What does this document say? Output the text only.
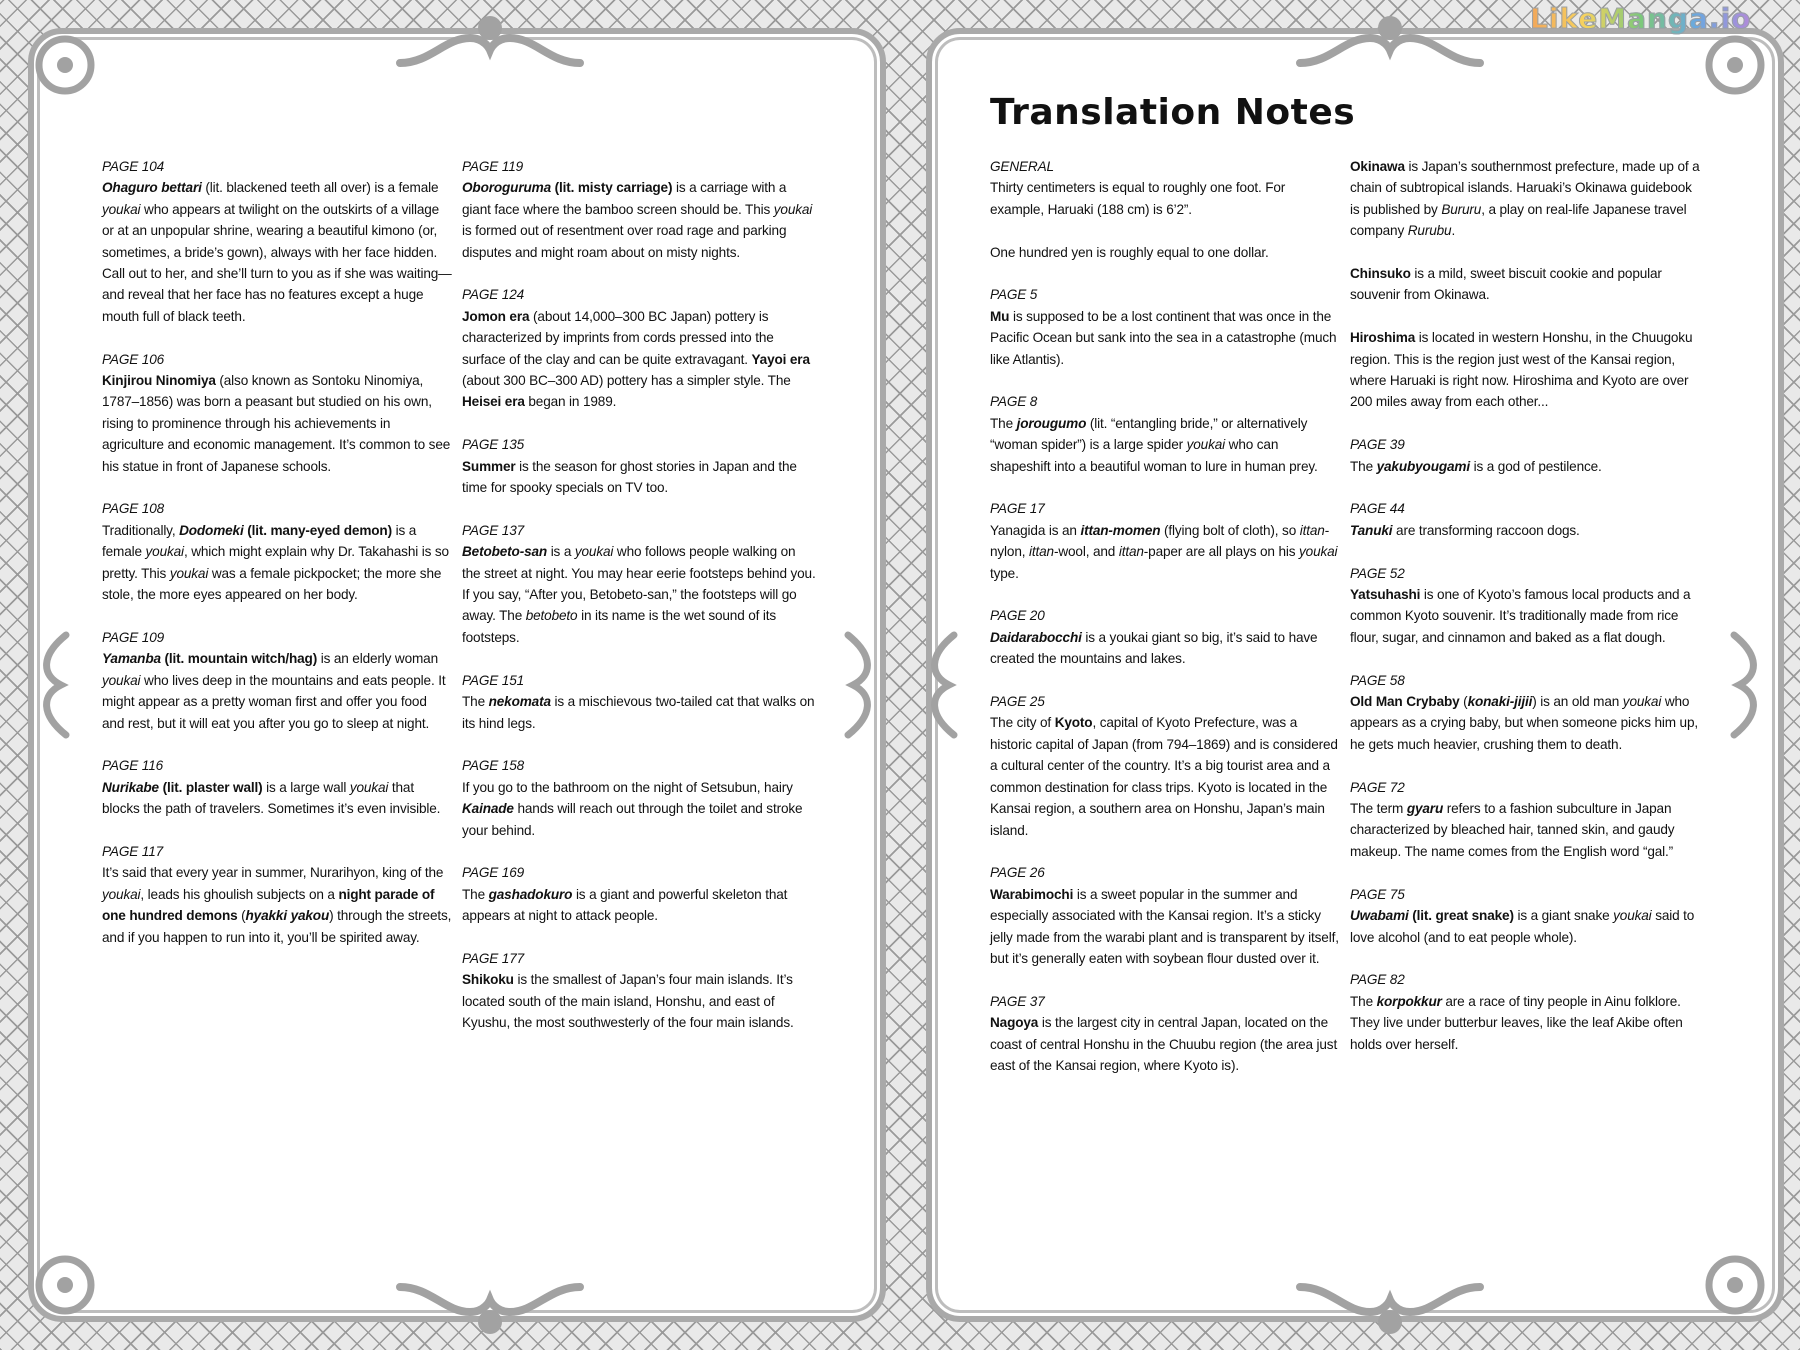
LikeManga.io
Translation Notes
PAGE 104
Ohaguro bettari (lit. blackened teeth all over) is a female youkai who appears at twilight on the outskirts of a village or at an unpopular shrine, wearing a beautiful kimono (or, sometimes, a bride’s gown), always with her face hidden. Call out to her, and she’ll turn to you as if she was waiting—and reveal that her face has no features except a huge mouth full of black teeth.
PAGE 106
Kinjirou Ninomiya (also known as Sontoku Ninomiya, 1787–1856) was born a peasant but studied on his own, rising to prominence through his achievements in agriculture and economic management. It’s common to see his statue in front of Japanese schools.
PAGE 108
Traditionally, Dodomeki (lit. many-eyed demon) is a female youkai, which might explain why Dr. Takahashi is so pretty. This youkai was a female pickpocket; the more she stole, the more eyes appeared on her body.
PAGE 109
Yamanba (lit. mountain witch/hag) is an elderly woman youkai who lives deep in the mountains and eats people. It might appear as a pretty woman first and offer you food and rest, but it will eat you after you go to sleep at night.
PAGE 116
Nurikabe (lit. plaster wall) is a large wall youkai that blocks the path of travelers. Sometimes it’s even invisible.
PAGE 117
It’s said that every year in summer, Nurarihyon, king of the youkai, leads his ghoulish subjects on a night parade of one hundred demons (hyakki yakou) through the streets, and if you happen to run into it, you’ll be spirited away.
PAGE 119
Oboroguruma (lit. misty carriage) is a carriage with a giant face where the bamboo screen should be. This youkai is formed out of resentment over road rage and parking disputes and might roam about on misty nights.
PAGE 124
Jomon era (about 14,000–300 BC Japan) pottery is characterized by imprints from cords pressed into the surface of the clay and can be quite extravagant. Yayoi era (about 300 BC–300 AD) pottery has a simpler style. The Heisei era began in 1989.
PAGE 135
Summer is the season for ghost stories in Japan and the time for spooky specials on TV too.
PAGE 137
Betobeto-san is a youkai who follows people walking on the street at night. You may hear eerie footsteps behind you. If you say, “After you, Betobeto-san,” the footsteps will go away. The betobeto in its name is the wet sound of its footsteps.
PAGE 151
The nekomata is a mischievous two-tailed cat that walks on its hind legs.
PAGE 158
If you go to the bathroom on the night of Setsubun, hairy Kainade hands will reach out through the toilet and stroke your behind.
PAGE 169
The gashadokuro is a giant and powerful skeleton that appears at night to attack people.
PAGE 177
Shikoku is the smallest of Japan’s four main islands. It’s located south of the main island, Honshu, and east of Kyushu, the most southwesterly of the four main islands.
GENERAL
Thirty centimeters is equal to roughly one foot. For example, Haruaki (188 cm) is 6’2”.

One hundred yen is roughly equal to one dollar.
PAGE 5
Mu is supposed to be a lost continent that was once in the Pacific Ocean but sank into the sea in a catastrophe (much like Atlantis).
PAGE 8
The jorougumo (lit. “entangling bride,” or alternatively “woman spider”) is a large spider youkai who can shapeshift into a beautiful woman to lure in human prey.
PAGE 17
Yanagida is an ittan-momen (flying bolt of cloth), so ittan-nylon, ittan-wool, and ittan-paper are all plays on his youkai type.
PAGE 20
Daidarabocchi is a youkai giant so big, it’s said to have created the mountains and lakes.
PAGE 25
The city of Kyoto, capital of Kyoto Prefecture, was a historic capital of Japan (from 794–1869) and is considered a cultural center of the country. It’s a big tourist area and a common destination for class trips. Kyoto is located in the Kansai region, a southern area on Honshu, Japan’s main island.
PAGE 26
Warabimochi is a sweet popular in the summer and especially associated with the Kansai region. It’s a sticky jelly made from the warabi plant and is transparent by itself, but it’s generally eaten with soybean flour dusted over it.
PAGE 37
Nagoya is the largest city in central Japan, located on the coast of central Honshu in the Chuubu region (the area just east of the Kansai region, where Kyoto is).
Okinawa is Japan’s southernmost prefecture, made up of a chain of subtropical islands. Haruaki’s Okinawa guidebook is published by Bururu, a play on real-life Japanese travel company Rurubu.
Chinsuko is a mild, sweet biscuit cookie and popular souvenir from Okinawa.
Hiroshima is located in western Honshu, in the Chuugoku region. This is the region just west of the Kansai region, where Haruaki is right now. Hiroshima and Kyoto are over 200 miles away from each other...
PAGE 39
The yakubyougami is a god of pestilence.
PAGE 44
Tanuki are transforming raccoon dogs.
PAGE 52
Yatsuhashi is one of Kyoto’s famous local products and a common Kyoto souvenir. It’s traditionally made from rice flour, sugar, and cinnamon and baked as a flat dough.
PAGE 58
Old Man Crybaby (konaki-jijii) is an old man youkai who appears as a crying baby, but when someone picks him up, he gets much heavier, crushing them to death.
PAGE 72
The term gyaru refers to a fashion subculture in Japan characterized by bleached hair, tanned skin, and gaudy makeup. The name comes from the English word “gal.”
PAGE 75
Uwabami (lit. great snake) is a giant snake youkai said to love alcohol (and to eat people whole).
PAGE 82
The korpokkur are a race of tiny people in Ainu folklore. They live under butterbur leaves, like the leaf Akibe often holds over herself.
